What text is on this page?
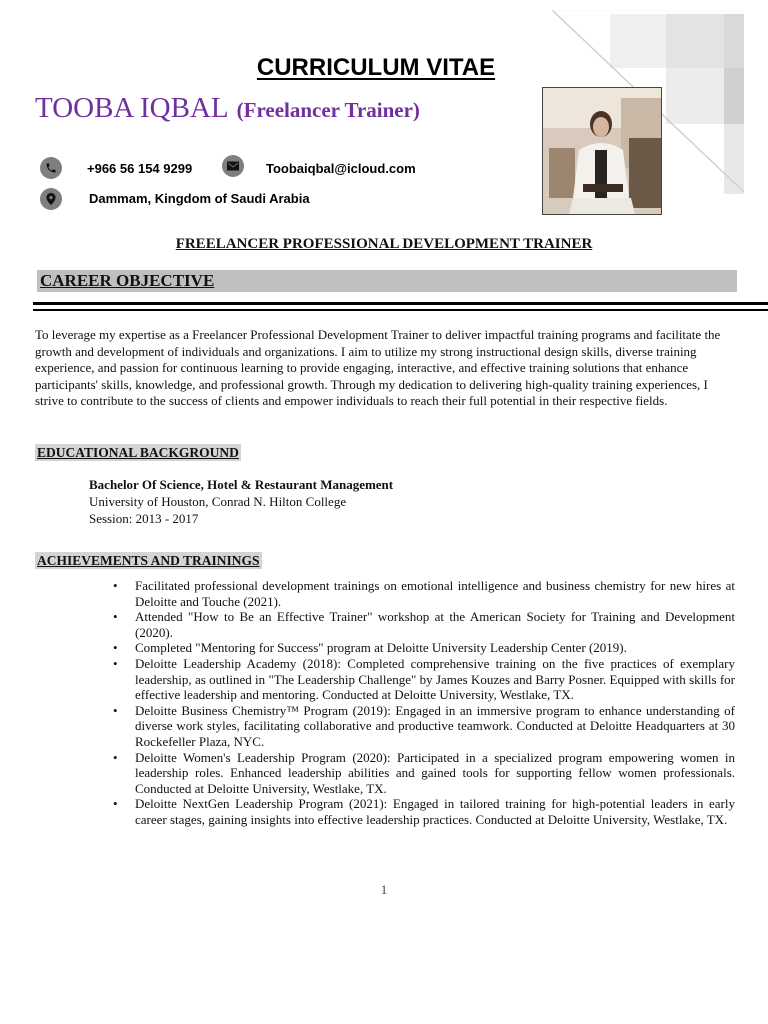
CURRICULUM VITAE
TOOBA IQBAL (Freelancer Trainer)
+966 56 154 9299	Toobaiqbal@icloud.com
Dammam, Kingdom of Saudi Arabia
FREELANCER PROFESSIONAL DEVELOPMENT TRAINER
CAREER OBJECTIVE

To leverage my expertise as a Freelancer Professional Development Trainer to deliver impactful training programs and facilitate the growth and development of individuals and organizations. I aim to utilize my strong instructional design skills, diverse training experience, and passion for continuous learning to provide engaging, interactive, and effective training solutions that enhance participants' skills, knowledge, and professional growth. Through my dedication to delivering high-quality training experiences, I strive to contribute to the success of clients and empower individuals to reach their full potential in their respective fields.

EDUCATIONAL BACKGROUND
Bachelor Of Science, Hotel & Restaurant Management
University of Houston, Conrad N. Hilton College
Session: 2013 - 2017
ACHIEVEMENTS AND TRAININGS
• Facilitated professional development trainings on emotional intelligence and business chemistry for new hires at Deloitte and Touche (2021).
• Attended "How to Be an Effective Trainer" workshop at the American Society for Training and Development (2020).
• Completed "Mentoring for Success" program at Deloitte University Leadership Center (2019).
• Deloitte Leadership Academy (2018): Completed comprehensive training on the five practices of exemplary leadership, as outlined in "The Leadership Challenge" by James Kouzes and Barry Posner. Equipped with skills for effective leadership and mentoring. Conducted at Deloitte University, Westlake, TX.
• Deloitte Business Chemistry™ Program (2019): Engaged in an immersive program to enhance understanding of diverse work styles, facilitating collaborative and productive teamwork. Conducted at Deloitte Headquarters at 30 Rockefeller Plaza, NYC.
• Deloitte Women's Leadership Program (2020): Participated in a specialized program empowering women in leadership roles. Enhanced leadership abilities and gained tools for supporting fellow women professionals. Conducted at Deloitte University, Westlake, TX.
• Deloitte NextGen Leadership Program (2021): Engaged in tailored training for high-potential leaders in early career stages, gaining insights into effective leadership practices. Conducted at Deloitte University, Westlake, TX.
1
